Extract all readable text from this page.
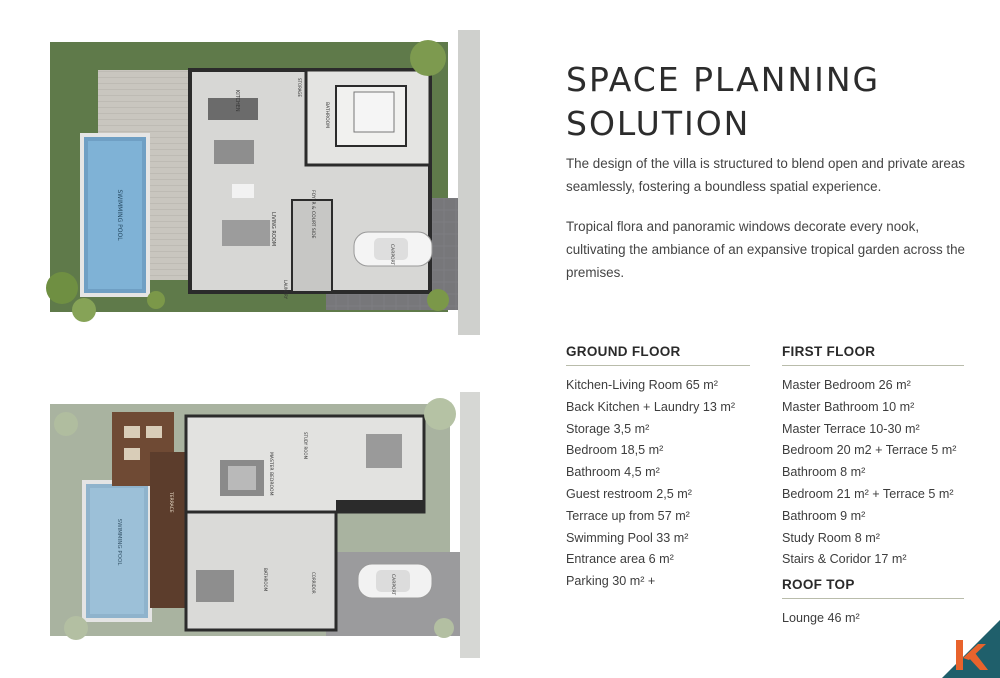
SWIMMING POOL
KITCHEN
LIVING ROOM	FOYER & COURT SIDE
BATHROOM
STORAGE
LAUNDRY
CARPORT
SWIMMING POOL
TERRACE
MASTER BEDROOM
STUDY ROOM
CORRIDOR
BATHROOM	CARPORT
SPACE PLANNING
SOLUTION

The design of the villa is structured to blend open and private areas seamlessly, fostering a boundless spatial experience.

Tropical flora and panoramic windows decorate every nook, cultivating the ambiance of an expansive tropical garden across the premises.

GROUND FLOOR
Kitchen-Living Room 65 m²
Back Kitchen + Laundry 13 m²
Storage 3,5 m²
Bedroom 18,5 m²
Bathroom 4,5 m²
Guest restroom 2,5 m²
Terrace up from 57 m²
Swimming Pool 33 m²
Entrance area 6 m²
Parking 30 m² +
FIRST FLOOR
Master Bedroom 26 m²
Master Bathroom 10 m²
Master Terrace 10-30 m²
Bedroom 20 m2 + Terrace 5 m²
Bathroom 8 m²
Bedroom 21 m² + Terrace 5 m²
Bathroom 9 m²
Study Room 8 m²
Stairs & Coridor 17 m²
ROOF TOP
Lounge 46 m²
